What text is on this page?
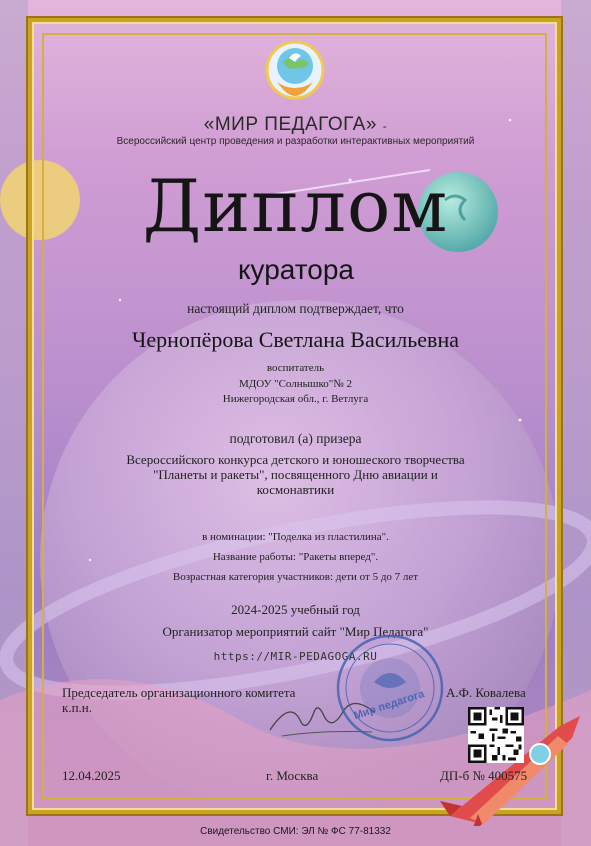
«МИР ПЕДАГОГА» -
Всероссийский центр проведения и разработки интерактивных мероприятий
Диплом
куратора
настоящий диплом подтверждает, что
Чернопёрова Светлана Васильевна
воспитатель
МДОУ "Солнышко"№ 2
Нижегородская обл., г. Ветлуга
подготовил (а) призера
Всероссийского конкурса детского и юношеского творчества "Планеты и ракеты", посвященного Дню авиации и космонавтики
в номинации: "Поделка из пластилина".
Название работы: "Ракеты вперед".
Возрастная категория участников: дети от 5 до 7 лет
2024-2025 учебный год
Организатор мероприятий сайт "Мир Педагога"
https://MIR-PEDAGOGA.RU
Мир педагога
Председатель организационного комитета к.п.н.
А.Ф. Ковалева
12.04.2025	г. Москва	ДП-б № 400575
Свидетельство СМИ: ЭЛ № ФС 77-81332
